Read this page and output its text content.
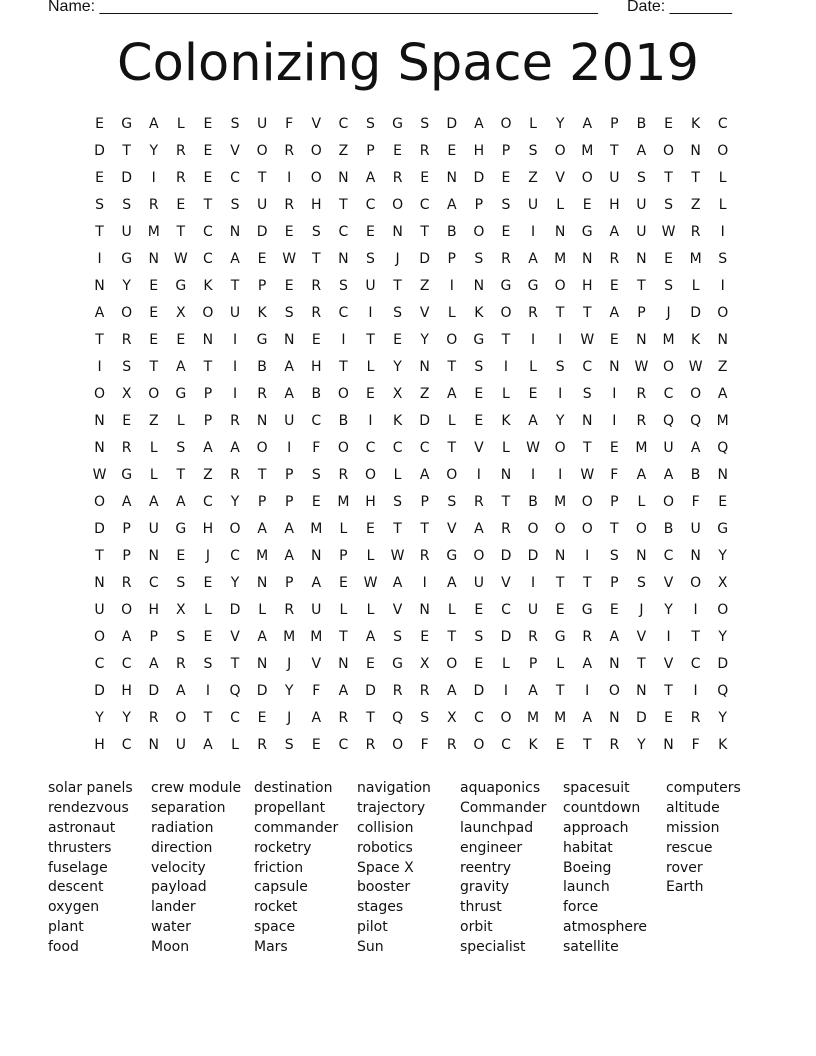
Name: ________________________________________________________ Date: _______
Colonizing Space 2019
E	G	A	L	E	S	U	F	V	C	S	G	S	D	A	O	L	Y	A	P	B	E	K	C
D	T	Y	R	E	V	O	R	O	Z	P	E	R	E	H	P	S	O	M	T	A	O	N	O
E	D	I	R	E	C	T	I	O	N	A	R	E	N	D	E	Z	V	O	U	S	T	T	L
S	S	R	E	T	S	U	R	H	T	C	O	C	A	P	S	U	L	E	H	U	S	Z	L
T	U	M	T	C	N	D	E	S	C	E	N	T	B	O	E	I	N	G	A	U	W	R	I
I	G	N	W	C	A	E	W	T	N	S	J	D	P	S	R	A	M	N	R	N	E	M	S
N	Y	E	G	K	T	P	E	R	S	U	T	Z	I	N	G	G	O	H	E	T	S	L	I
A	O	E	X	O	U	K	S	R	C	I	S	V	L	K	O	R	T	T	A	P	J	D	O
T	R	E	E	N	I	G	N	E	I	T	E	Y	O	G	T	I	I	W	E	N	M	K	N
I	S	T	A	T	I	B	A	H	T	L	Y	N	T	S	I	L	S	C	N	W	O	W	Z
O	X	O	G	P	I	R	A	B	O	E	X	Z	A	E	L	E	I	S	I	R	C	O	A
N	E	Z	L	P	R	N	U	C	B	I	K	D	L	E	K	A	Y	N	I	R	Q	Q	M
N	R	L	S	A	A	O	I	F	O	C	C	C	T	V	L	W	O	T	E	M	U	A	Q
W	G	L	T	Z	R	T	P	S	R	O	L	A	O	I	N	I	I	W	F	A	A	B	N
O	A	A	A	C	Y	P	P	E	M	H	S	P	S	R	T	B	M	O	P	L	O	F	E
D	P	U	G	H	O	A	A	M	L	E	T	T	V	A	R	O	O	O	T	O	B	U	G
T	P	N	E	J	C	M	A	N	P	L	W	R	G	O	D	D	N	I	S	N	C	N	Y
N	R	C	S	E	Y	N	P	A	E	W	A	I	A	U	V	I	T	T	P	S	V	O	X
U	O	H	X	L	D	L	R	U	L	L	V	N	L	E	C	U	E	G	E	J	Y	I	O
O	A	P	S	E	V	A	M	M	T	A	S	E	T	S	D	R	G	R	A	V	I	T	Y
C	C	A	R	S	T	N	J	V	N	E	G	X	O	E	L	P	L	A	N	T	V	C	D
D	H	D	A	I	Q	D	Y	F	A	D	R	R	A	D	I	A	T	I	O	N	T	I	Q
Y	Y	R	O	T	C	E	J	A	R	T	Q	S	X	C	O	M	M	A	N	D	E	R	Y
H	C	N	U	A	L	R	S	E	C	R	O	F	R	O	C	K	E	T	R	Y	N	F	K
solar panels
rendezvous
astronaut
thrusters
fuselage
descent
oxygen
plant
food
crew module
separation
radiation
direction
velocity
payload
lander
water
Moon
destination
propellant
commander
rocketry
friction
capsule
rocket
space
Mars
navigation
trajectory
collision
robotics
Space X
booster
stages
pilot
Sun
aquaponics
Commander
launchpad
engineer
reentry
gravity
thrust
orbit
specialist
spacesuit
countdown
approach
habitat
Boeing
launch
force
atmosphere
satellite
computers
altitude
mission
rescue
rover
Earth
